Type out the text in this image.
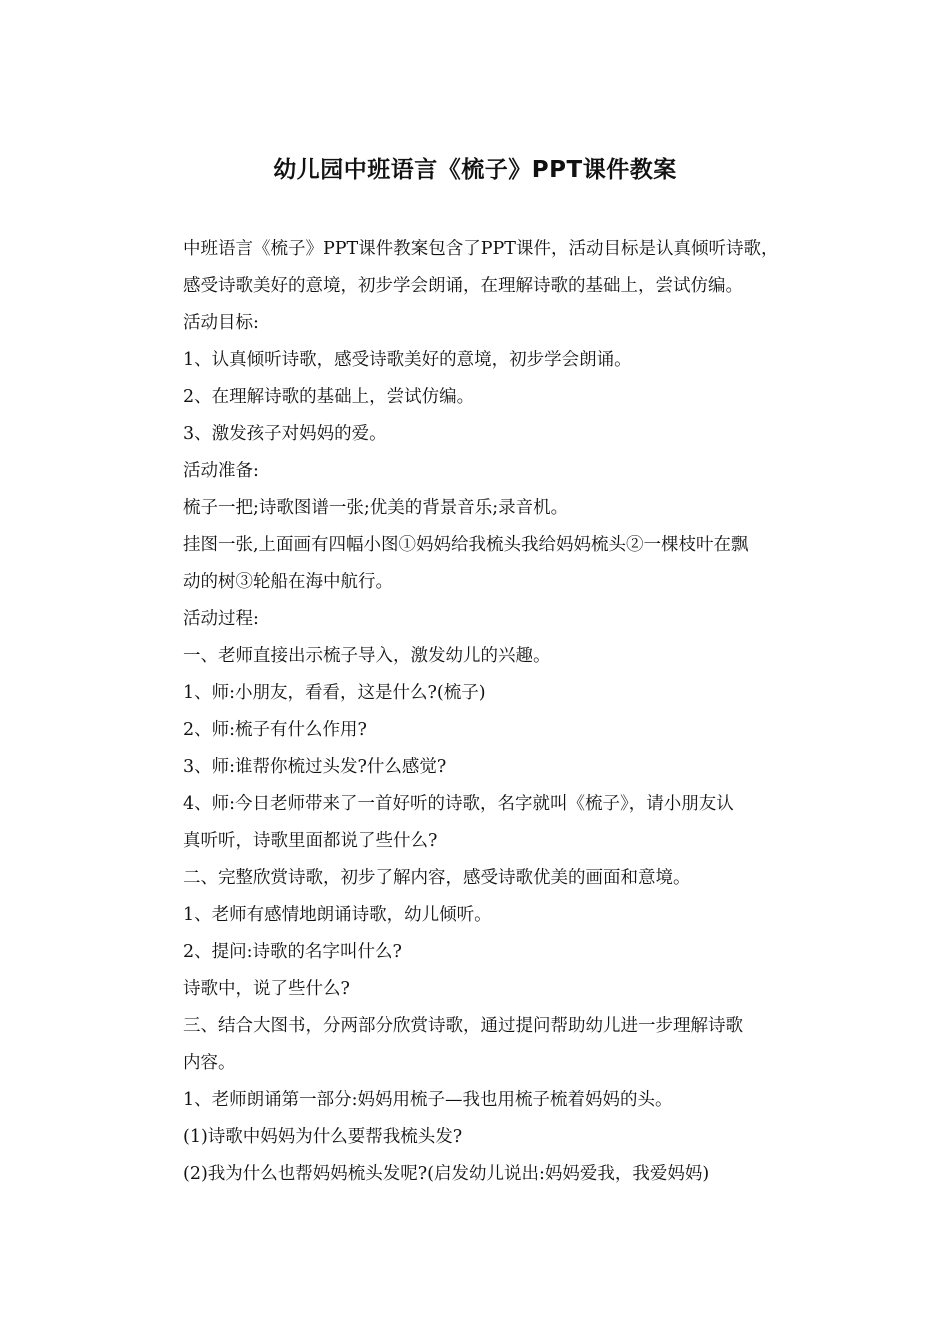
幼儿园中班语言《梳子》PPT课件教案

中班语言《梳子》PPT课件教案包含了PPT课件，活动目标是认真倾听诗歌，
感受诗歌美好的意境，初步学会朗诵，在理解诗歌的基础上，尝试仿编。

活动目标:

1、认真倾听诗歌，感受诗歌美好的意境，初步学会朗诵。

2、在理解诗歌的基础上，尝试仿编。

3、激发孩子对妈妈的爱。

活动准备:

梳子一把;诗歌图谱一张;优美的背景音乐;录音机。

挂图一张,上面画有四幅小图①妈妈给我梳头我给妈妈梳头②一棵枝叶在飘
动的树③轮船在海中航行。

活动过程:

一、老师直接出示梳子导入，激发幼儿的兴趣。

1、师:小朋友，看看，这是什么?(梳子)

2、师:梳子有什么作用?

3、师:谁帮你梳过头发?什么感觉?

4、师:今日老师带来了一首好听的诗歌，名字就叫《梳子》，请小朋友认
真听听，诗歌里面都说了些什么?

二、完整欣赏诗歌，初步了解内容，感受诗歌优美的画面和意境。

1、老师有感情地朗诵诗歌，幼儿倾听。

2、提问:诗歌的名字叫什么?

诗歌中，说了些什么?

三、结合大图书，分两部分欣赏诗歌，通过提问帮助幼儿进一步理解诗歌
内容。

1、老师朗诵第一部分:妈妈用梳子—我也用梳子梳着妈妈的头。

(1)诗歌中妈妈为什么要帮我梳头发?

(2)我为什么也帮妈妈梳头发呢?(启发幼儿说出:妈妈爱我，我爱妈妈)
